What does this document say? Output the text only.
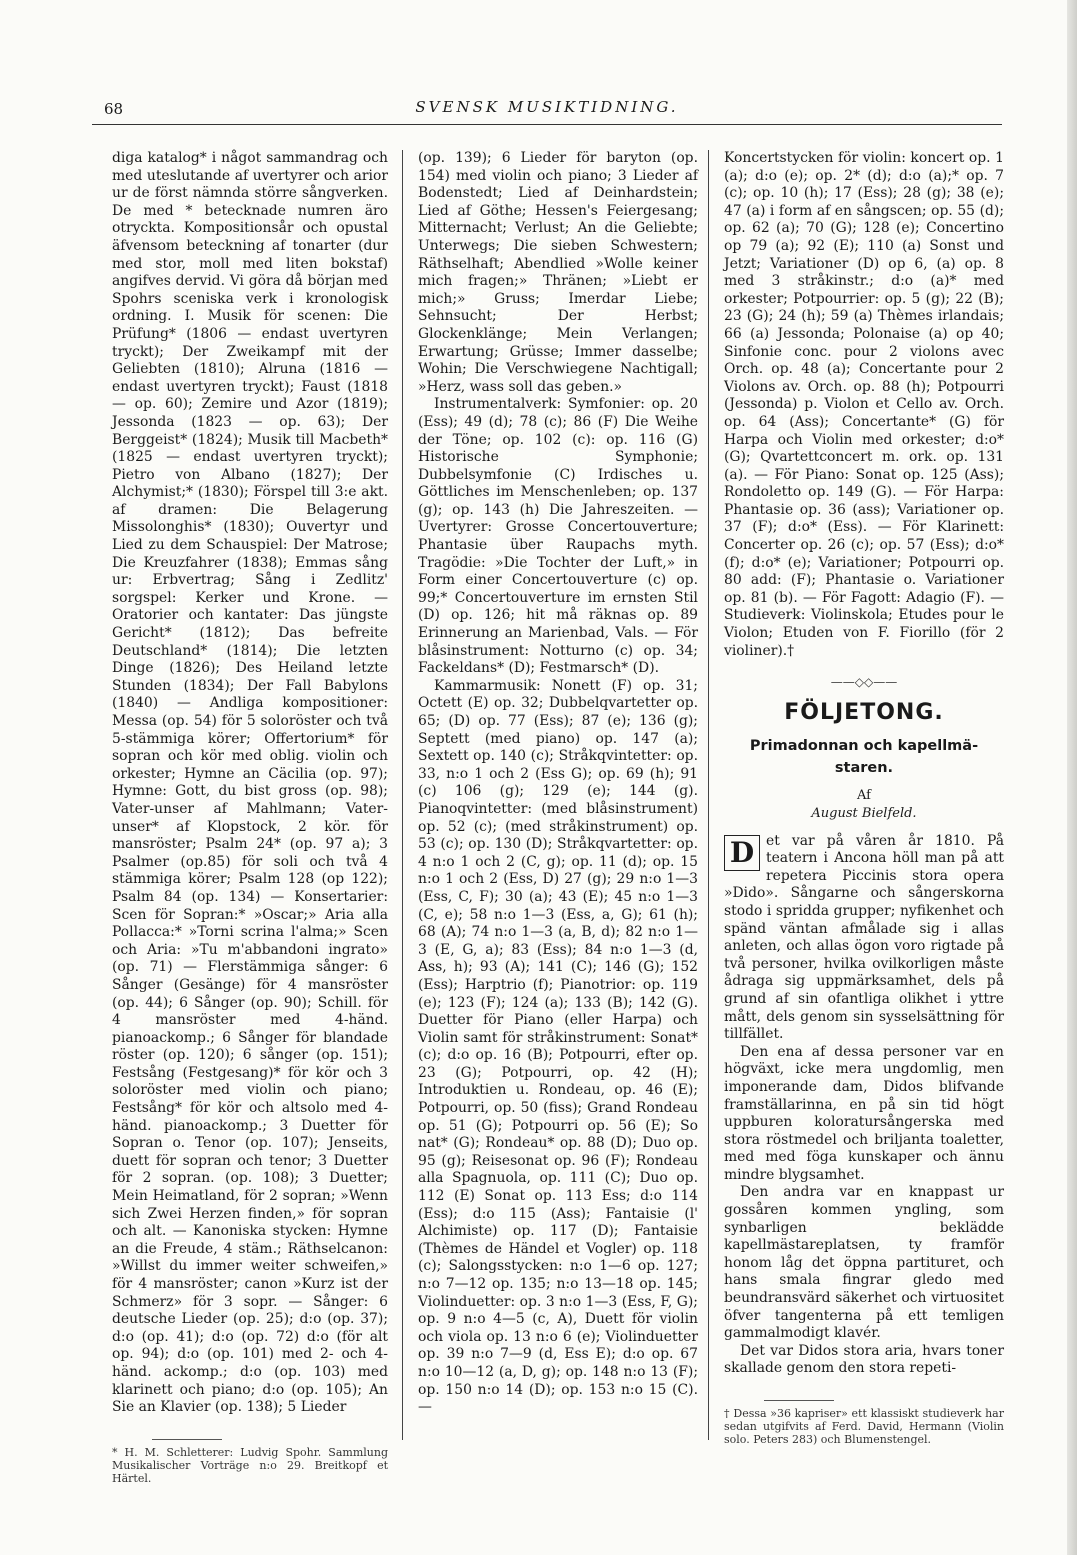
68	SVENSK MUSIKTIDNING.

diga katalog* i något sammandrag och med uteslutande af uvertyrer och arior ur de först nämnda större sångverken. De med * betecknade numren äro otryckta. Kompositionsår och opustal äfvensom beteckning af tonarter (dur med stor, moll med liten bokstaf) angifves dervid. Vi göra då början med Spohrs sceniska verk i kronologisk ordning. I. Musik för scenen: Die Prüfung* (1806 — endast uvertyren tryckt); Der Zweikampf mit der Geliebten (1810); Alruna (1816 — endast uvertyren tryckt); Faust (1818 — op. 60); Zemire und Azor (1819); Jessonda (1823 — op. 63); Der Berggeist* (1824); Musik till Macbeth* (1825 — endast uvertyren tryckt); Pietro von Albano (1827); Der Alchymist;* (1830); Förspel till 3:e akt. af dramen: Die Belagerung Missolonghis* (1830); Ouvertyr und Lied zu dem Schauspiel: Der Matrose; Die Kreuzfahrer (1838); Emmas sång ur: Erbvertrag; Sång i Zedlitz' sorgspel: Kerker und Krone. — Oratorier och kantater: Das jüngste Gericht* (1812); Das befreite Deutschland* (1814); Die letzten Dinge (1826); Des Heiland letzte Stunden (1834); Der Fall Babylons (1840) — Andliga kompositioner: Messa (op. 54) för 5 soloröster och två 5-stämmiga körer; Offertorium* för sopran och kör med oblig. violin och orkester; Hymne an Cäcilia (op. 97); Hymne: Gott, du bist gross (op. 98); Vater-unser af Mahlmann; Vater-unser* af Klopstock, 2 kör. för mansröster; Psalm 24* (op. 97 a); 3 Psalmer (op.85) för soli och två 4 stämmiga körer; Psalm 128 (op 122); Psalm 84 (op. 134) — Konsertarier: Scen för Sopran:* »Oscar;» Aria alla Pollacca:* »Torni scrina l'alma;» Scen och Aria: »Tu m'abbandoni ingrato» (op. 71) — Flerstämmiga sånger: 6 Sånger (Gesänge) för 4 mansröster (op. 44); 6 Sånger (op. 90); Schill. för 4 mansröster med 4-händ. pianoackomp.; 6 Sånger för blandade röster (op. 120); 6 sånger (op. 151); Festsång (Festgesang)* för kör och 3 soloröster med violin och piano; Festsång* för kör och altsolo med 4-händ. pianoackomp.; 3 Duetter för Sopran o. Tenor (op. 107); Jenseits, duett för sopran och tenor; 3 Duetter för 2 sopran. (op. 108); 3 Duetter; Mein Heimatland, för 2 sopran; »Wenn sich Zwei Herzen finden,» för sopran och alt. — Kanoniska stycken: Hymne an die Freude, 4 stäm.; Räthselcanon: »Willst du immer weiter schweifen,» för 4 mansröster; canon »Kurz ist der Schmerz» för 3 sopr. — Sånger: 6 deutsche Lieder (op. 25); d:o (op. 37); d:o (op. 41); d:o (op. 72) d:o (för alt op. 94); d:o (op. 101) med 2- och 4-händ. ackomp.; d:o (op. 103) med klarinett och piano; d:o (op. 105); An Sie an Klavier (op. 138); 5 Lieder

* H. M. Schletterer: Ludvig Spohr. Sammlung Musikalischer Vorträge n:o 29. Breitkopf et Härtel.

(op. 139); 6 Lieder för baryton (op. 154) med violin och piano; 3 Lieder af Bodenstedt; Lied af Deinhardstein; Lied af Göthe; Hessen's Feiergesang; Mitternacht; Verlust; An die Geliebte; Unterwegs; Die sieben Schwestern; Räthselhaft; Abendlied »Wolle keiner mich fragen;» Thränen; »Liebt er mich;» Gruss; Imerdar Liebe; Sehnsucht; Der Herbst; Glockenklänge; Mein Verlangen; Erwartung; Grüsse; Immer dasselbe; Wohin; Die Verschwiegene Nachtigall; »Herz, wass soll das geben.»

Instrumentalverk: Symfonier: op. 20 (Ess); 49 (d); 78 (c); 86 (F) Die Weihe der Töne; op. 102 (c): op. 116 (G) Historische Symphonie; Dubbelsymfonie (C) Irdisches u. Göttliches im Menschenleben; op. 137 (g); op. 143 (h) Die Jahreszeiten. — Uvertyrer: Grosse Concertouverture; Phantasie über Raupachs myth. Tragödie: »Die Tochter der Luft,» in Form einer Concertouverture (c) op. 99;* Concertouverture im ernsten Stil (D) op. 126; hit må räknas op. 89 Erinnerung an Marienbad, Vals. — För blåsinstrument: Notturno (c) op. 34; Fackeldans* (D); Festmarsch* (D).

Kammarmusik: Nonett (F) op. 31; Octett (E) op. 32; Dubbelqvartetter op. 65; (D) op. 77 (Ess); 87 (e); 136 (g); Septett (med piano) op. 147 (a); Sextett op. 140 (c); Stråkqvintetter: op. 33, n:o 1 och 2 (Ess G); op. 69 (h); 91 (c) 106 (g); 129 (e); 144 (g). Pianoqvintetter: (med blåsinstrument) op. 52 (c); (med stråkinstrument) op. 53 (c); op. 130 (D); Stråkqvartetter: op. 4 n:o 1 och 2 (C, g); op. 11 (d); op. 15 n:o 1 och 2 (Ess, D) 27 (g); 29 n:o 1—3 (Ess, C, F); 30 (a); 43 (E); 45 n:o 1—3 (C, e); 58 n:o 1—3 (Ess, a, G); 61 (h); 68 (A); 74 n:o 1—3 (a, B, d); 82 n:o 1—3 (E, G, a); 83 (Ess); 84 n:o 1—3 (d, Ass, h); 93 (A); 141 (C); 146 (G); 152 (Ess); Harptrio (f); Pianotrior: op. 119 (e); 123 (F); 124 (a); 133 (B); 142 (G). Duetter för Piano (eller Harpa) och Violin samt för stråkinstrument: Sonat* (c); d:o op. 16 (B); Potpourri, efter op. 23 (G); Potpourri, op. 42 (H); Introduktien u. Rondeau, op. 46 (E); Potpourri, op. 50 (fiss); Grand Rondeau op. 51 (G); Potpourri op. 56 (E); So nat* (G); Rondeau* op. 88 (D); Duo op. 95 (g); Reisesonat op. 96 (F); Rondeau alla Spagnuola, op. 111 (C); Duo op. 112 (E) Sonat op. 113 Ess; d:o 114 (Ess); d:o 115 (Ass); Fantaisie (l' Alchimiste) op. 117 (D); Fantaisie (Thèmes de Händel et Vogler) op. 118 (c); Salongsstycken: n:o 1—6 op. 127; n:o 7—12 op. 135; n:o 13—18 op. 145; Violinduetter: op. 3 n:o 1—3 (Ess, F, G); op. 9 n:o 4—5 (c, A), Duett för violin och viola op. 13 n:o 6 (e); Violinduetter op. 39 n:o 7—9 (d, Ess E); d:o op. 67 n:o 10—12 (a, D, g); op. 148 n:o 13 (F); op. 150 n:o 14 (D); op. 153 n:o 15 (C). —

Koncertstycken för violin: koncert op. 1 (a); d:o (e); op. 2* (d); d:o (a);* op. 7 (c); op. 10 (h); 17 (Ess); 28 (g); 38 (e); 47 (a) i form af en sångscen; op. 55 (d); op. 62 (a); 70 (G); 128 (e); Concertino op 79 (a); 92 (E); 110 (a) Sonst und Jetzt; Variationer (D) op 6, (a) op. 8 med 3 stråkinstr.; d:o (a)* med orkester; Potpourrier: op. 5 (g); 22 (B); 23 (G); 24 (h); 59 (a) Thèmes irlandais; 66 (a) Jessonda; Polonaise (a) op 40; Sinfonie conc. pour 2 violons avec Orch. op. 48 (a); Concertante pour 2 Violons av. Orch. op. 88 (h); Potpourri (Jessonda) p. Violon et Cello av. Orch. op. 64 (Ass); Concertante* (G) för Harpa och Violin med orkester; d:o* (G); Qvartettconcert m. ork. op. 131 (a). — För Piano: Sonat op. 125 (Ass); Rondoletto op. 149 (G). — För Harpa: Phantasie op. 36 (ass); Variationer op. 37 (F); d:o* (Ess). — För Klarinett: Concerter op. 26 (c); op. 57 (Ess); d:o* (f); d:o* (e); Variationer; Potpourri op. 80 add: (F); Phantasie o. Variationer op. 81 (b). — För Fagott: Adagio (F). — Studieverk: Violinskola; Etudes pour le Violon; Etuden von F. Fiorillo (för 2 violiner).†

——◇◇——
FÖLJETONG.
Primadonnan och kapellmä-
staren.
Af
August Bielfeld.

D et var på våren år 1810. På teatern i Ancona höll man på att repetera Piccinis stora opera »Dido». Sångarne och sångerskorna stodo i spridda grupper; nyfikenhet och spänd väntan afmålade sig i allas anleten, och allas ögon voro rigtade på två personer, hvilka ovilkorligen måste ådraga sig uppmärksamhet, dels på grund af sin ofantliga olikhet i yttre mått, dels genom sin sysselsättning för tillfället.

Den ena af dessa personer var en högväxt, icke mera ungdomlig, men imponerande dam, Didos blifvande framställarinna, en på sin tid högt uppburen koloratursångerska med stora röstmedel och briljanta toaletter, med med föga kunskaper och ännu mindre blygsamhet.

Den andra var en knappast ur gossåren kommen yngling, som synbarligen beklädde kapellmästareplatsen, ty framför honom låg det öppna partituret, och hans smala fingrar gledo med beundransvärd säkerhet och virtuositet öfver tangenterna på ett temligen gammalmodigt klavér.

Det var Didos stora aria, hvars toner skallade genom den stora repeti-

† Dessa »36 kapriser» ett klassiskt studieverk har sedan utgifvits af Ferd. David, Hermann (Violin solo. Peters 283) och Blumenstengel.
